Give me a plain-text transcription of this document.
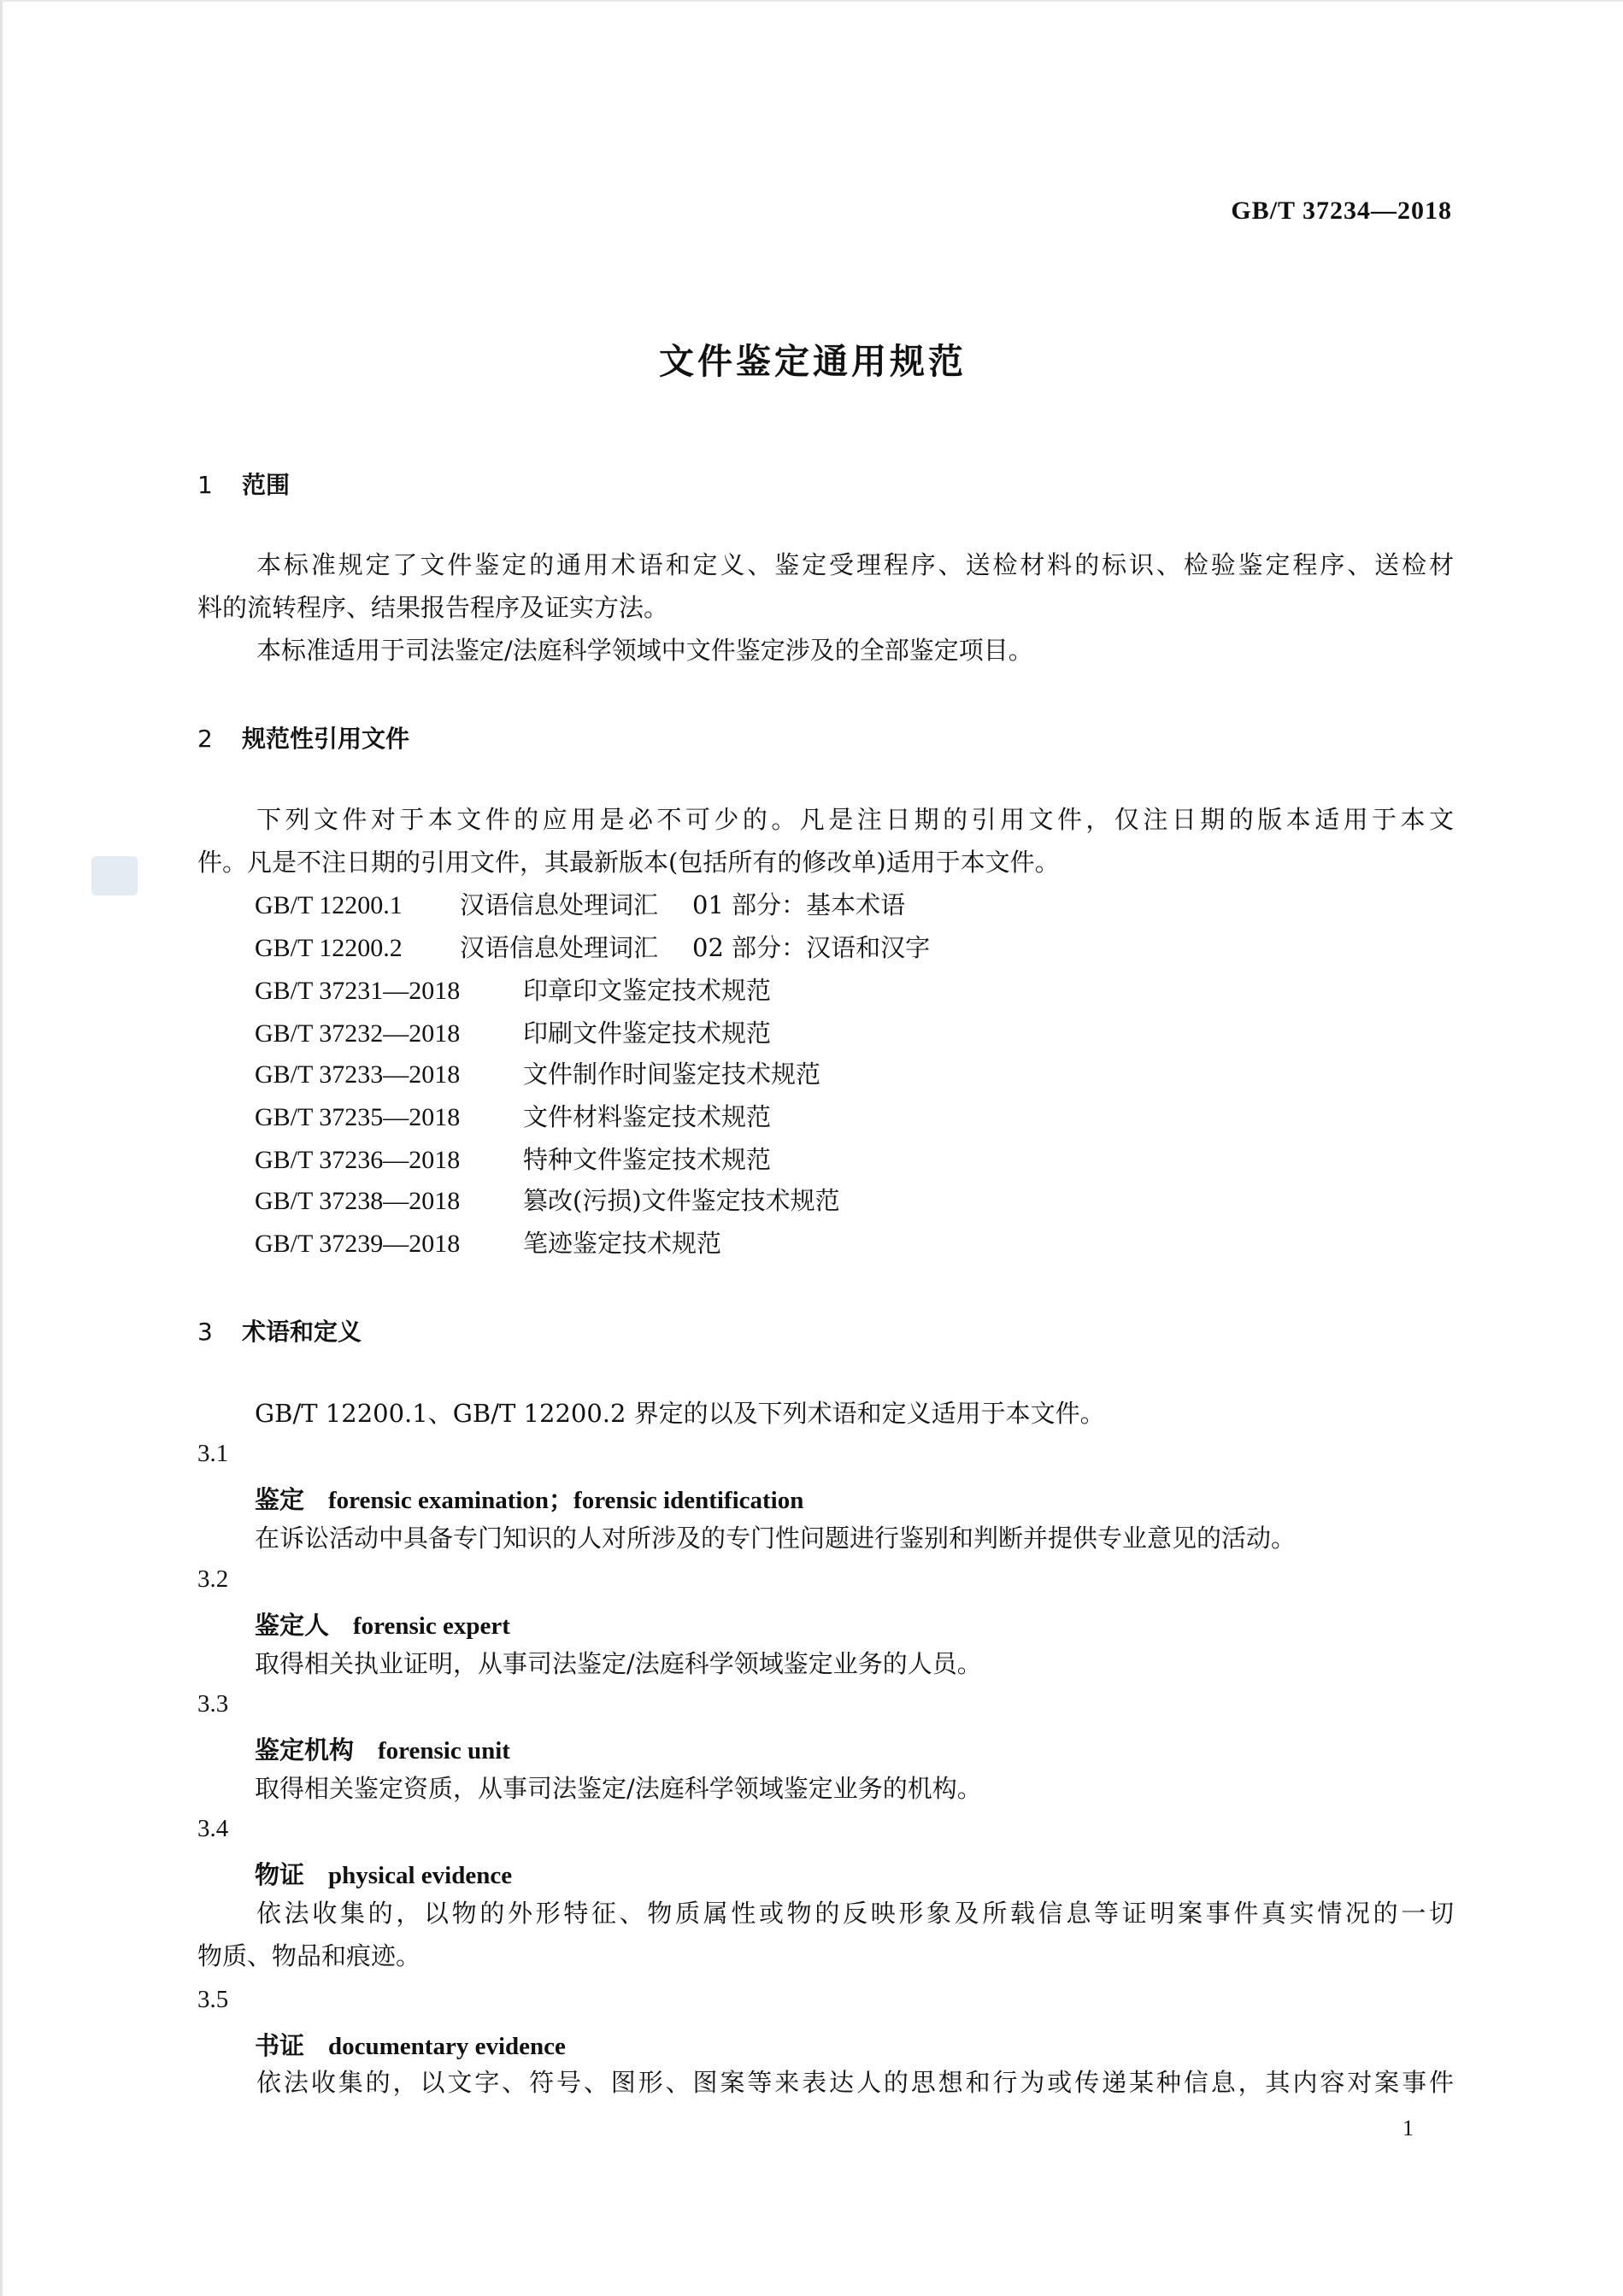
GB/T 37234—2018
文件鉴定通用规范
1 范围
本标准规定了文件鉴定的通用术语和定义、鉴定受理程序、送检材料的标识、检验鉴定程序、送检材
料的流转程序、结果报告程序及证实方法。
本标准适用于司法鉴定/法庭科学领域中文件鉴定涉及的全部鉴定项目。
2 规范性引用文件
下列文件对于本文件的应用是必不可少的。凡是注日期的引用文件，仅注日期的版本适用于本文
件。凡是不注日期的引用文件，其最新版本(包括所有的修改单)适用于本文件。
GB/T 12200.1 汉语信息处理词汇 01 部分：基本术语
GB/T 12200.2 汉语信息处理词汇 02 部分：汉语和汉字
GB/T 37231—2018	印章印文鉴定技术规范
GB/T 37232—2018	印刷文件鉴定技术规范
GB/T 37233—2018	文件制作时间鉴定技术规范
GB/T 37235—2018	文件材料鉴定技术规范
GB/T 37236—2018	特种文件鉴定技术规范
GB/T 37238—2018	篡改(污损)文件鉴定技术规范
GB/T 37239—2018	笔迹鉴定技术规范
3 术语和定义
GB/T 12200.1、GB/T 12200.2 界定的以及下列术语和定义适用于本文件。
3.1
鉴定 forensic examination；forensic identification
在诉讼活动中具备专门知识的人对所涉及的专门性问题进行鉴别和判断并提供专业意见的活动。
3.2
鉴定人 forensic expert
取得相关执业证明，从事司法鉴定/法庭科学领域鉴定业务的人员。
3.3
鉴定机构 forensic unit
取得相关鉴定资质，从事司法鉴定/法庭科学领域鉴定业务的机构。
3.4
物证 physical evidence
依法收集的，以物的外形特征、物质属性或物的反映形象及所载信息等证明案事件真实情况的一切
物质、物品和痕迹。
3.5
书证 documentary evidence
依法收集的，以文字、符号、图形、图案等来表达人的思想和行为或传递某种信息，其内容对案事件
1
